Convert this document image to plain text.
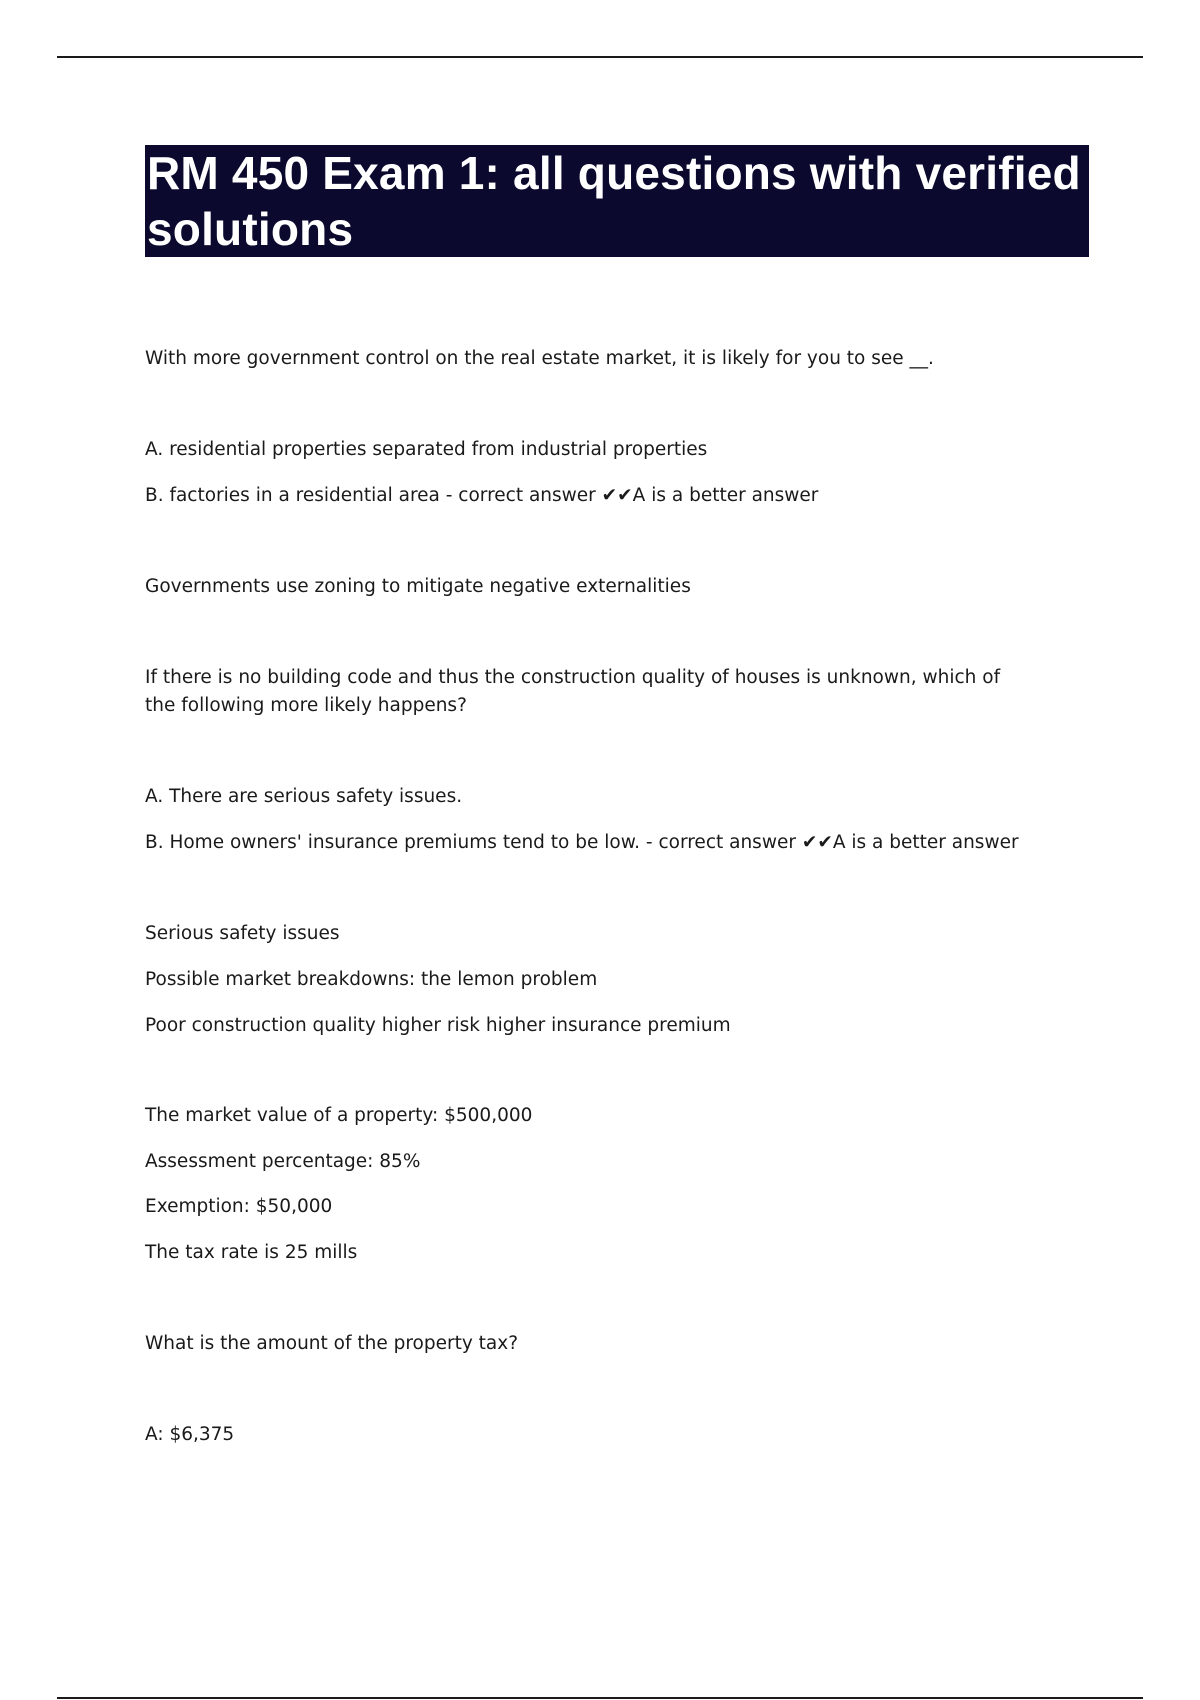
RM 450 Exam 1: all questions with verified solutions

With more government control on the real estate market, it is likely for you to see __.

A. residential properties separated from industrial properties

B. factories in a residential area - correct answer ✔✔A is a better answer

Governments use zoning to mitigate negative externalities

If there is no building code and thus the construction quality of houses is unknown, which of the following more likely happens?

A. There are serious safety issues.

B. Home owners' insurance premiums tend to be low. - correct answer ✔✔A is a better answer

Serious safety issues

Possible market breakdowns: the lemon problem

Poor construction quality higher risk higher insurance premium

The market value of a property: $500,000

Assessment percentage: 85%

Exemption: $50,000

The tax rate is 25 mills

What is the amount of the property tax?

A: $6,375
